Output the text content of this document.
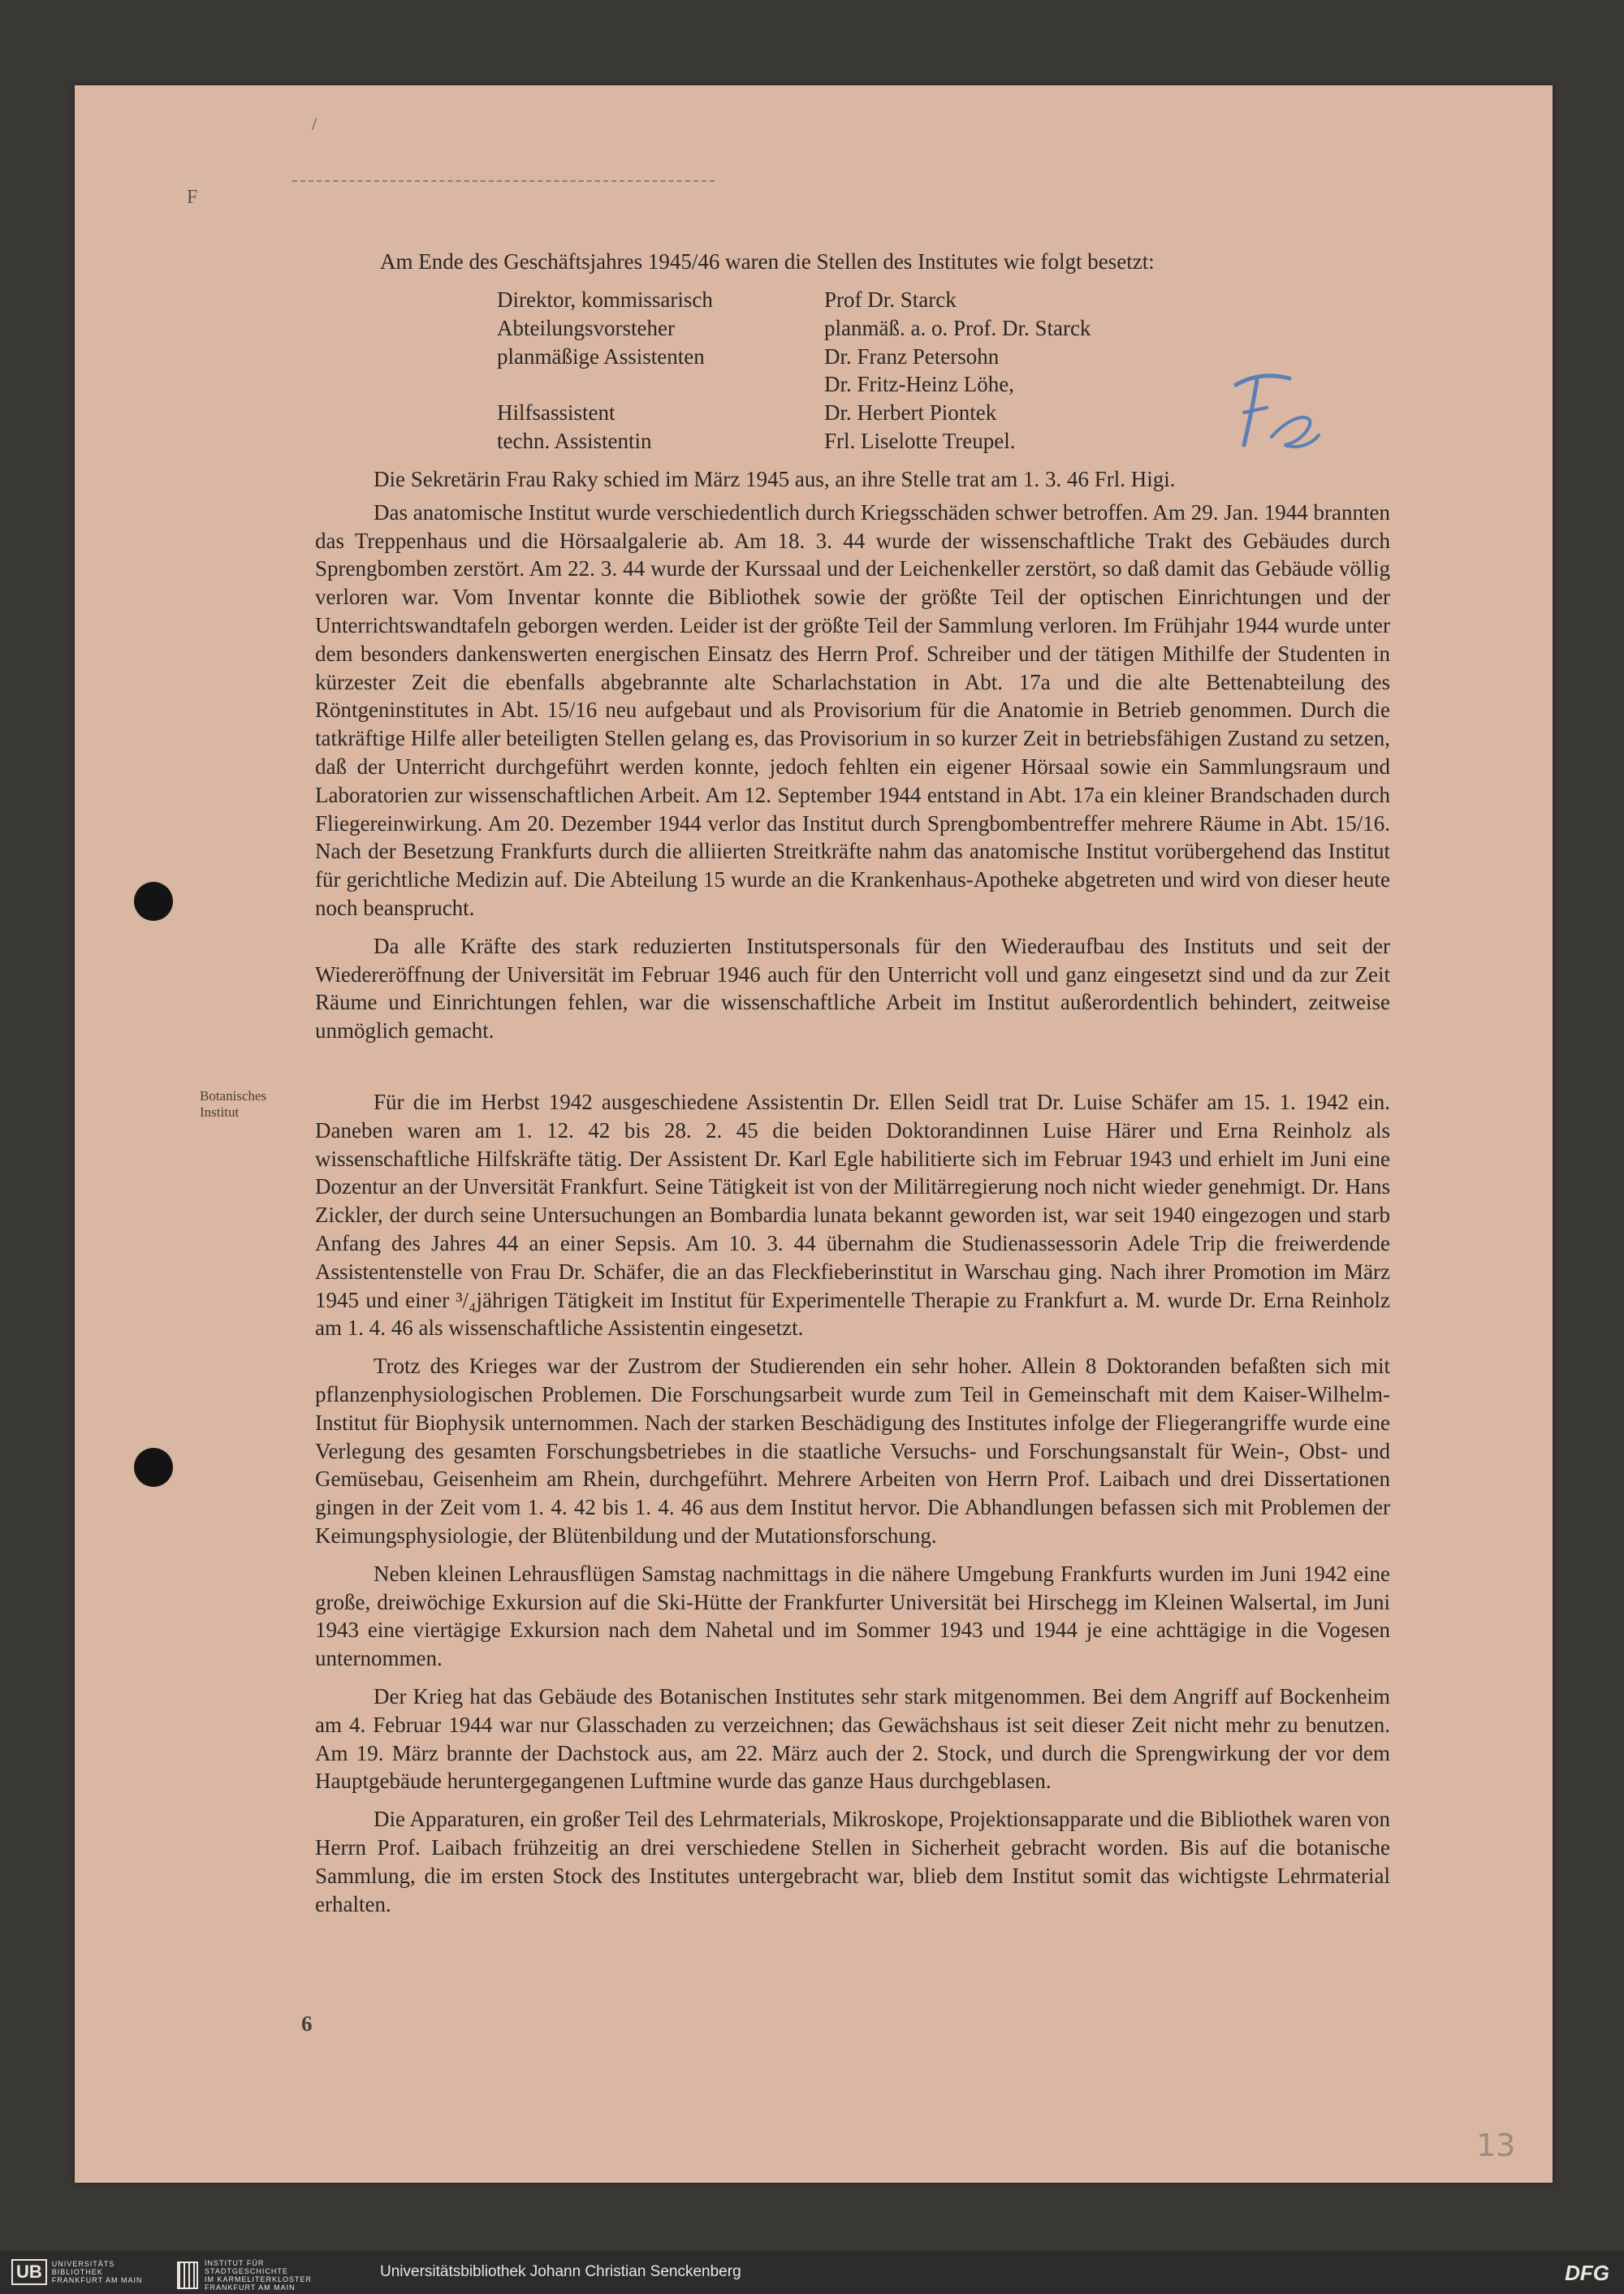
/
F
Am Ende des Geschäftsjahres 1945/46 waren die Stellen des Institutes wie folgt besetzt:
Direktor, kommissarisch	Prof Dr. Starck
Abteilungsvorsteher	planmäß. a. o. Prof. Dr. Starck
planmäßige Assistenten	Dr. Franz Petersohn
Dr. Fritz-Heinz Löhe,
Hilfsassistent	Dr. Herbert Piontek
techn. Assistentin	Frl. Liselotte Treupel.

Die Sekretärin Frau Raky schied im März 1945 aus, an ihre Stelle trat am 1. 3. 46 Frl. Higi.

Das anatomische Institut wurde verschiedentlich durch Kriegsschäden schwer betroffen. Am 29. Jan. 1944 brannten das Treppenhaus und die Hörsaalgalerie ab. Am 18. 3. 44 wurde der wissenschaftliche Trakt des Gebäudes durch Sprengbomben zerstört. Am 22. 3. 44 wurde der Kurssaal und der Leichenkeller zerstört, so daß damit das Gebäude völlig verloren war. Vom Inventar konnte die Bibliothek sowie der größte Teil der optischen Einrichtungen und der Unterrichtswandtafeln geborgen werden. Leider ist der größte Teil der Sammlung verloren. Im Frühjahr 1944 wurde unter dem besonders dankenswerten energischen Einsatz des Herrn Prof. Schreiber und der tätigen Mithilfe der Studenten in kürzester Zeit die ebenfalls abgebrannte alte Scharlachstation in Abt. 17a und die alte Bettenabteilung des Röntgeninstitutes in Abt. 15/16 neu aufgebaut und als Provisorium für die Anatomie in Betrieb genommen. Durch die tatkräftige Hilfe aller beteiligten Stellen gelang es, das Provisorium in so kurzer Zeit in betriebsfähigen Zustand zu setzen, daß der Unterricht durchgeführt werden konnte, jedoch fehlten ein eigener Hörsaal sowie ein Sammlungsraum und Laboratorien zur wissenschaftlichen Arbeit. Am 12. September 1944 entstand in Abt. 17a ein kleiner Brandschaden durch Fliegereinwirkung. Am 20. Dezember 1944 verlor das Institut durch Sprengbombentreffer mehrere Räume in Abt. 15/16. Nach der Besetzung Frankfurts durch die alliierten Streitkräfte nahm das anatomische Institut vorübergehend das Institut für gerichtliche Medizin auf. Die Abteilung 15 wurde an die Krankenhaus-Apotheke abgetreten und wird von dieser heute noch beansprucht.

Da alle Kräfte des stark reduzierten Institutspersonals für den Wiederaufbau des Instituts und seit der Wiedereröffnung der Universität im Februar 1946 auch für den Unterricht voll und ganz eingesetzt sind und da zur Zeit Räume und Einrichtungen fehlen, war die wissenschaftliche Arbeit im Institut außerordentlich behindert, zeitweise unmöglich gemacht.

Botanisches
Institut	Für die im Herbst 1942 ausgeschiedene Assistentin Dr. Ellen Seidl trat Dr. Luise Schäfer am 15. 1. 1942 ein. Daneben waren am 1. 12. 42 bis 28. 2. 45 die beiden Doktorandinnen Luise Härer und Erna Reinholz als wissenschaftliche Hilfskräfte tätig. Der Assistent Dr. Karl Egle habilitierte sich im Februar 1943 und erhielt im Juni eine Dozentur an der Unversität Frankfurt. Seine Tätigkeit ist von der Militärregierung noch nicht wieder genehmigt. Dr. Hans Zickler, der durch seine Untersuchungen an Bombardia lunata bekannt geworden ist, war seit 1940 eingezogen und starb Anfang des Jahres 44 an einer Sepsis. Am 10. 3. 44 übernahm die Studienassessorin Adele Trip die freiwerdende Assistentenstelle von Frau Dr. Schäfer, die an das Fleckfieberinstitut in Warschau ging. Nach ihrer Promotion im März 1945 und einer ³/₄jährigen Tätigkeit im Institut für Experimentelle Therapie zu Frankfurt a. M. wurde Dr. Erna Reinholz am 1. 4. 46 als wissenschaftliche Assistentin eingesetzt.

Trotz des Krieges war der Zustrom der Studierenden ein sehr hoher. Allein 8 Doktoranden befaßten sich mit pflanzenphysiologischen Problemen. Die Forschungsarbeit wurde zum Teil in Gemeinschaft mit dem Kaiser-Wilhelm-Institut für Biophysik unternommen. Nach der starken Beschädigung des Institutes infolge der Fliegerangriffe wurde eine Verlegung des gesamten Forschungsbetriebes in die staatliche Versuchs- und Forschungsanstalt für Wein-, Obst- und Gemüsebau, Geisenheim am Rhein, durchgeführt. Mehrere Arbeiten von Herrn Prof. Laibach und drei Dissertationen gingen in der Zeit vom 1. 4. 42 bis 1. 4. 46 aus dem Institut hervor. Die Abhandlungen befassen sich mit Problemen der Keimungsphysiologie, der Blütenbildung und der Mutationsforschung.

Neben kleinen Lehrausflügen Samstag nachmittags in die nähere Umgebung Frankfurts wurden im Juni 1942 eine große, dreiwöchige Exkursion auf die Ski-Hütte der Frankfurter Universität bei Hirschegg im Kleinen Walsertal, im Juni 1943 eine viertägige Exkursion nach dem Nahetal und im Sommer 1943 und 1944 je eine achttägige in die Vogesen unternommen.

Der Krieg hat das Gebäude des Botanischen Institutes sehr stark mitgenommen. Bei dem Angriff auf Bockenheim am 4. Februar 1944 war nur Glasschaden zu verzeichnen; das Gewächshaus ist seit dieser Zeit nicht mehr zu benutzen. Am 19. März brannte der Dachstock aus, am 22. März auch der 2. Stock, und durch die Sprengwirkung der vor dem Hauptgebäude heruntergegangenen Luftmine wurde das ganze Haus durchgeblasen.

Die Apparaturen, ein großer Teil des Lehrmaterials, Mikroskope, Projektionsapparate und die Bibliothek waren von Herrn Prof. Laibach frühzeitig an drei verschiedene Stellen in Sicherheit gebracht worden. Bis auf die botanische Sammlung, die im ersten Stock des Institutes untergebracht war, blieb dem Institut somit das wichtigste Lehrmaterial erhalten.

6
13
UB	UNIVERSITÄTS
BIBLIOTHEK
FRANKFURT AM MAIN
INSTITUT FÜR
STADTGESCHICHTE
IM KARMELITERKLOSTER
FRANKFURT AM MAIN
Universitätsbibliothek Johann Christian Senckenberg	DFG
